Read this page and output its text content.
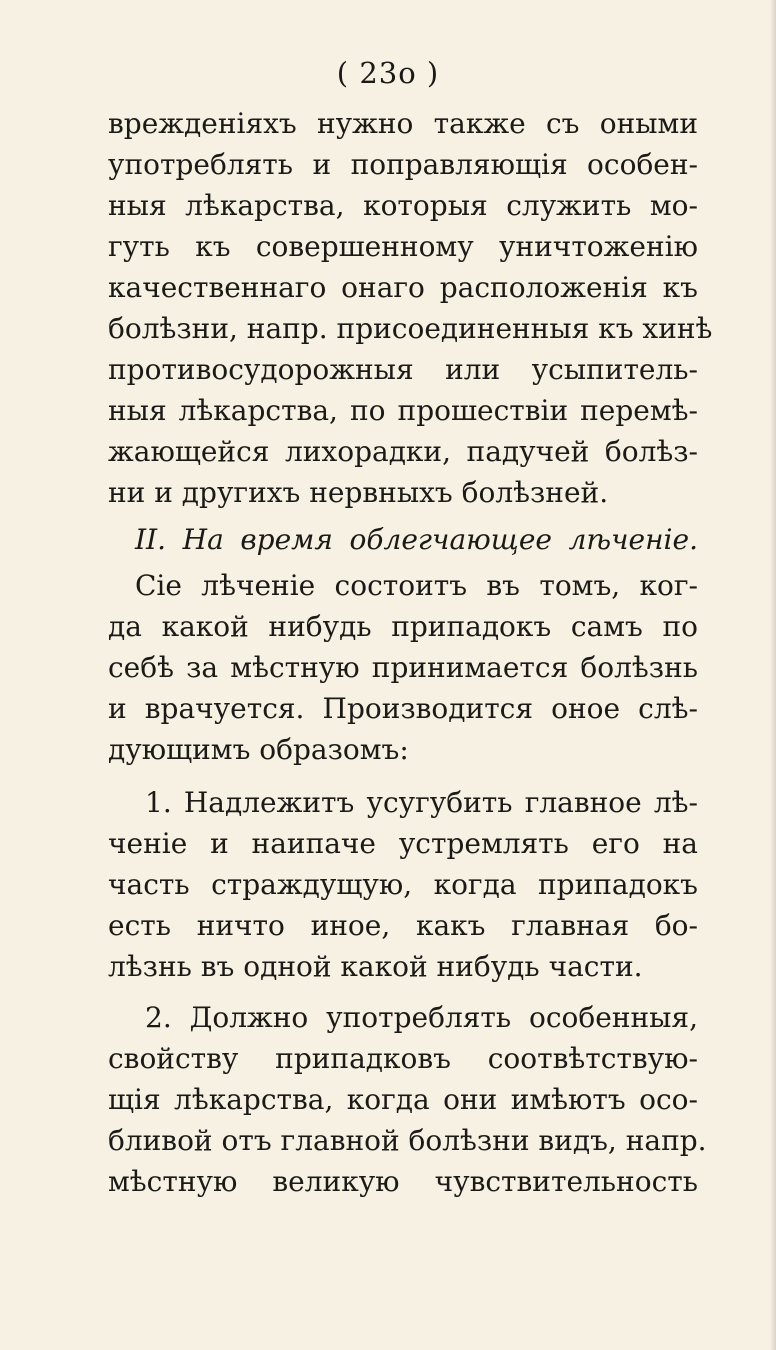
( 23o )
врежденіяхъ нужно также съ оными
употреблять и поправляющія особен-
ныя лѣкарства, которыя служить мо-
гуть къ совершенному уничтоженію
качественнаго онаго расположенія къ
болѣзни, напр. присоединенныя къ хинѣ
противосудорожныя или усыпитель-
ныя лѣкарства, по прошествіи перемѣ-
жающейся лихорадки, падучей болѣз-
ни и другихъ нервныхъ болѣзней.
II. На время облегчающее лѣченіе.
Сіе лѣченіе состоитъ въ томъ, ког-
да какой нибудь припадокъ самъ по
себѣ за мѣстную принимается болѣзнь
и врачуется. Производится оное слѣ-
дующимъ образомъ:
1. Надлежитъ усугубить главное лѣ-
ченіе и наипаче устремлять его на
часть страждущую, когда припадокъ
есть ничто иное, какъ главная бо-
лѣзнь въ одной какой нибудь части.
2. Должно употреблять особенныя,
свойству припадковъ соотвѣтствую-
щія лѣкарства, когда они имѣютъ осо-
бливой отъ главной болѣзни видъ, напр.
мѣстную великую чувствительность
